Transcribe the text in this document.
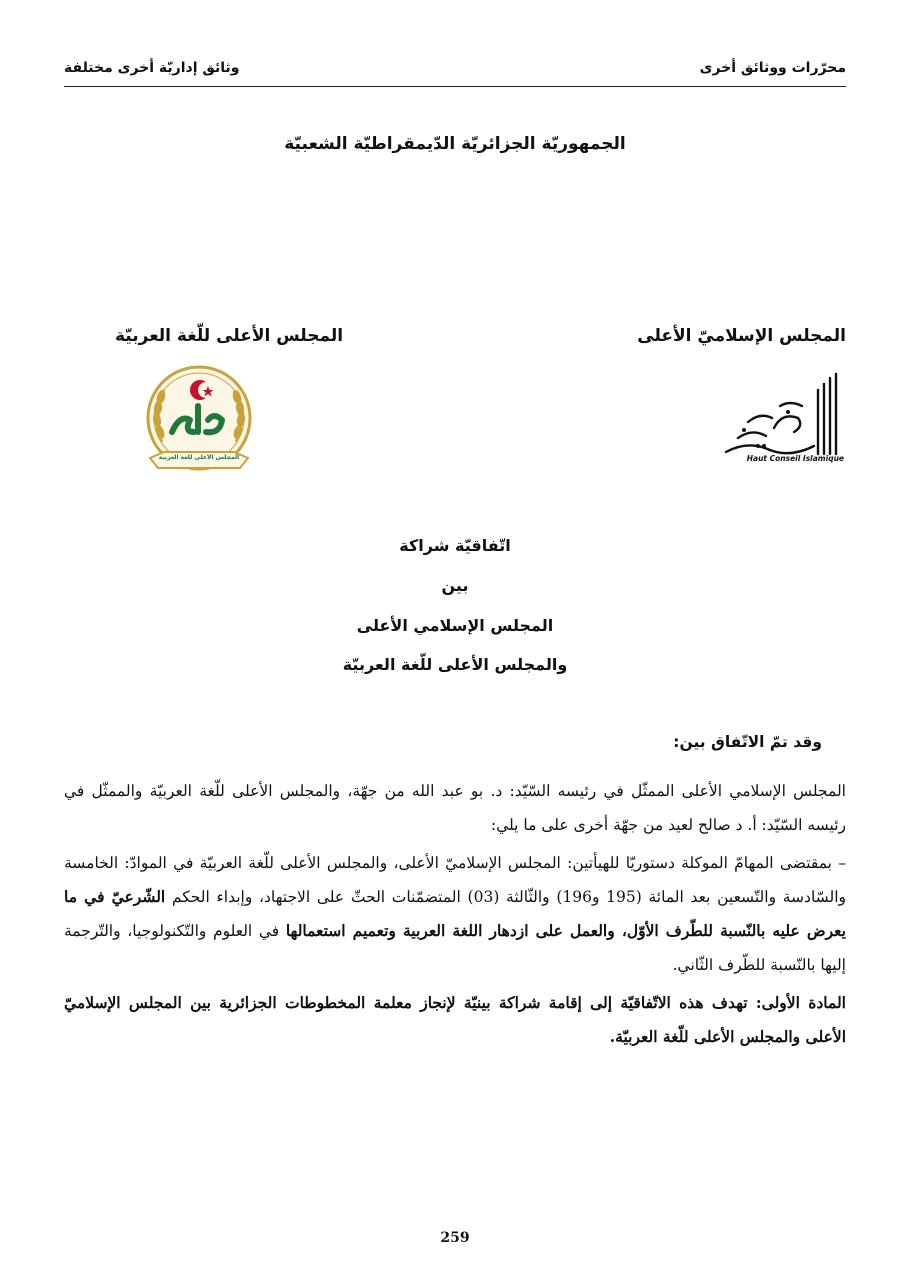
محرّرات ووثائق أخرى
وثائق إداريّة أخرى مختلفة
الجمهوريّة الجزائريّة الدّيمقراطيّة الشعبيّة
المجلس الإسلاميّ الأعلى
المجلس الأعلى للّغة العربيّة
المجلس الأعلى للغة العربية	Haut Conseil Islamique
اتّفاقيّة شراكة
بين
المجلس الإسلامي الأعلى
والمجلس الأعلى للّغة العربيّة
وقد تمّ الاتّفاق بين:

المجلس الإسلامي الأعلى الممثّل في رئيسه السّيّد: د. بو عبد الله من جهّة، والمجلس الأعلى للّغة العربيّة والممثّل في رئيسه السّيّد: أ. د صالح لعيد من جهّة أخرى على ما يلي:

– بمقتضى المهامّ الموكلة دستوريّا للهيأتين: المجلس الإسلاميّ الأعلى، والمجلس الأعلى للّغة العربيّة في الموادّ: الخامسة والسّادسة والتّسعين بعد المائة (195 و196) والثّالثة (03) المتضمّنات الحثّ على الاجتهاد، وإبداء الحكم الشّرعيّ في ما يعرض عليه بالنّسبة للطّرف الأوّل، والعمل على ازدهار اللغة العربية وتعميم استعمالها في العلوم والتّكنولوجيا، والتّرجمة إليها بالنّسبة للطّرف الثّاني.

المادة الأولى: تهدف هذه الاتّفاقيّة إلى إقامة شراكة بينيّة لإنجاز معلمة المخطوطات الجزائرية بين المجلس الإسلاميّ الأعلى والمجلس الأعلى للّغة العربيّة.

259
